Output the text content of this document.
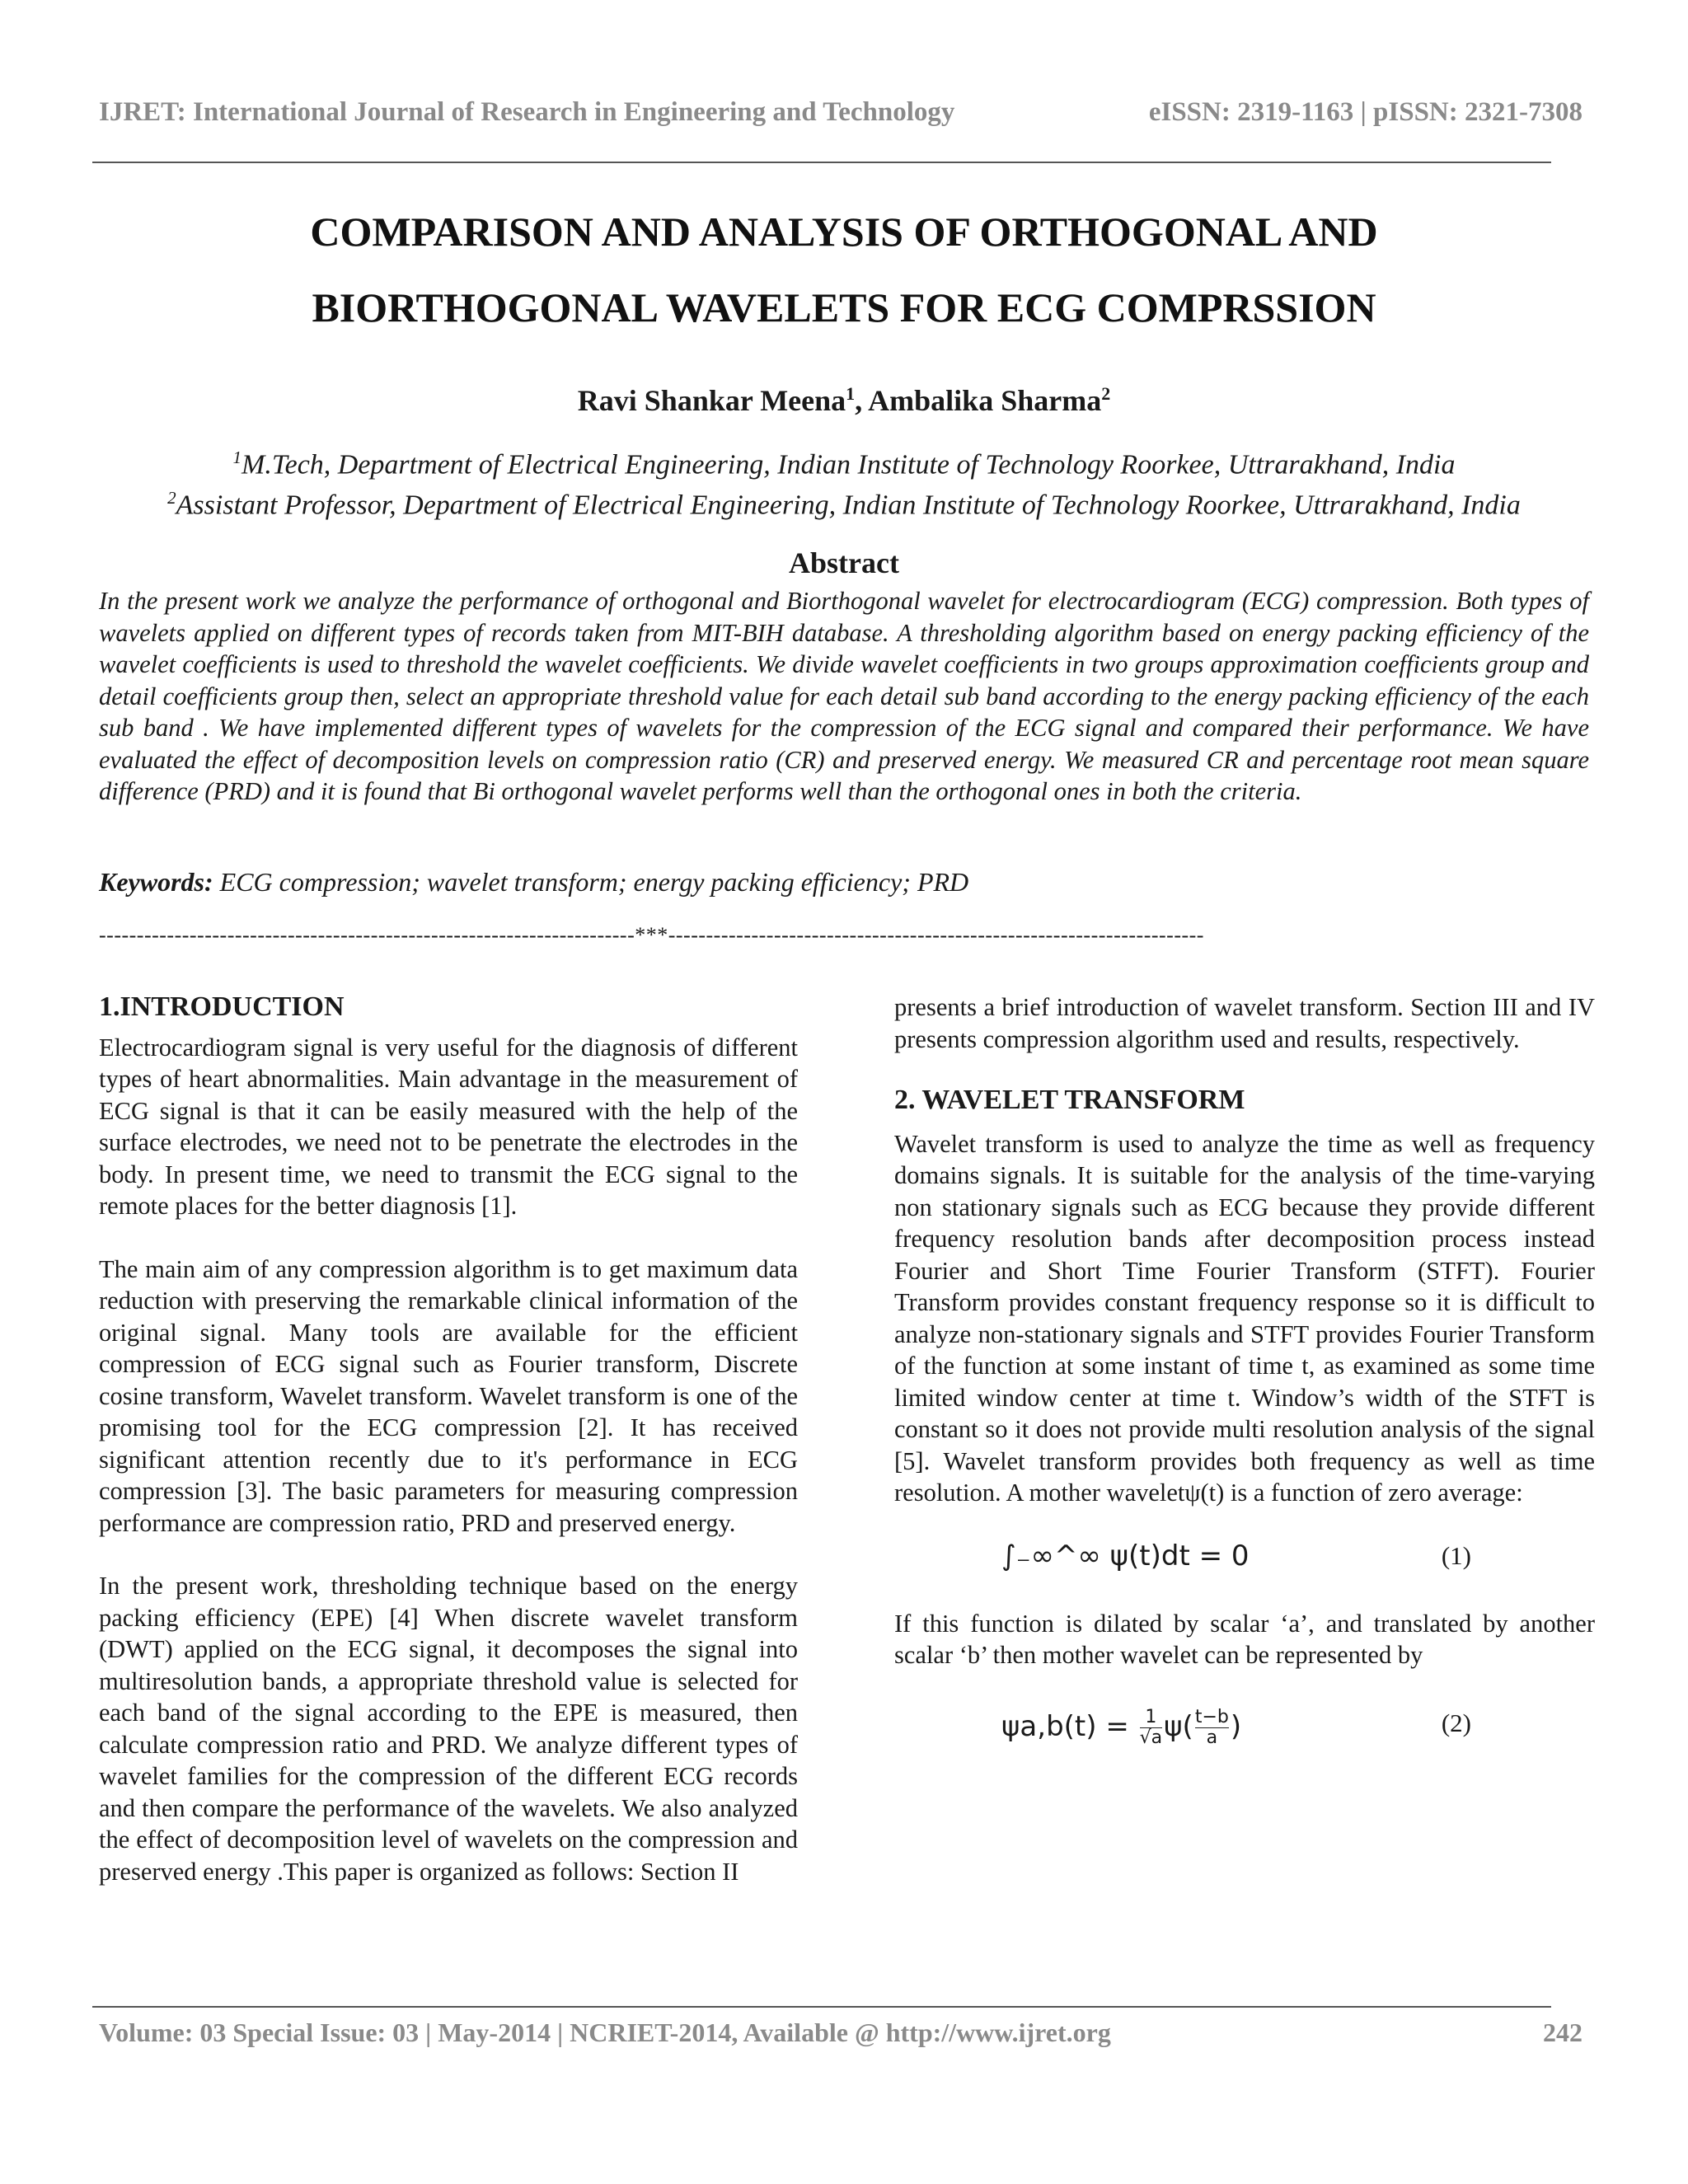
IJRET: International Journal of Research in Engineering and Technology	eISSN: 2319-1163 | pISSN: 2321-7308
COMPARISON AND ANALYSIS OF ORTHOGONAL AND
BIORTHOGONAL WAVELETS FOR ECG COMPRSSION
Ravi Shankar Meena$^1$, Ambalika Sharma$^2$
$^1$M.Tech, Department of Electrical Engineering, Indian Institute of Technology Roorkee, Uttrarakhand, India
$^2$Assistant Professor, Department of Electrical Engineering, Indian Institute of Technology Roorkee, Uttrarakhand, India
Abstract
In the present work we analyze the performance of orthogonal and Biorthogonal wavelet for electrocardiogram (ECG) compression. Both types of wavelets applied on different types of records taken from MIT-BIH database. A thresholding algorithm based on energy packing efficiency of the wavelet coefficients is used to threshold the wavelet coefficients. We divide wavelet coefficients in two groups approximation coefficients group and detail coefficients group then, select an appropriate threshold value for each detail sub band according to the energy packing efficiency of the each sub band . We have implemented different types of wavelets for the compression of the ECG signal and compared their performance. We have evaluated the effect of decomposition levels on compression ratio (CR) and preserved energy. We measured CR and percentage root mean square difference (PRD) and it is found that Bi orthogonal wavelet performs well than the orthogonal ones in both the criteria.
Keywords: ECG compression; wavelet transform; energy packing efficiency; PRD
-----------------------------------------------------------------------***-----------------------------------------------------------------------
1.INTRODUCTION

Electrocardiogram signal is very useful for the diagnosis of different types of heart abnormalities. Main advantage in the measurement of ECG signal is that it can be easily measured with the help of the surface electrodes, we need not to be penetrate the electrodes in the body. In present time, we need to transmit the ECG signal to the remote places for the better diagnosis [1].

The main aim of any compression algorithm is to get maximum data reduction with preserving the remarkable clinical information of the original signal. Many tools are available for the efficient compression of ECG signal such as Fourier transform, Discrete cosine transform, Wavelet transform. Wavelet transform is one of the promising tool for the ECG compression [2]. It has received significant attention recently due to it's performance in ECG compression [3]. The basic parameters for measuring compression performance are compression ratio, PRD and preserved energy.

In the present work, thresholding technique based on the energy packing efficiency (EPE) [4] When discrete wavelet transform (DWT) applied on the ECG signal, it decomposes the signal into multiresolution bands, a appropriate threshold value is selected for each band of the signal according to the EPE is measured, then calculate compression ratio and PRD. We analyze different types of wavelet families for the compression of the different ECG records and then compare the performance of the wavelets. We also analyzed the effect of decomposition level of wavelets on the compression and preserved energy .This paper is organized as follows: Section II

presents a brief introduction of wavelet transform. Section III and IV presents compression algorithm used and results, respectively.

2. WAVELET TRANSFORM

Wavelet transform is used to analyze the time as well as frequency domains signals. It is suitable for the analysis of the time-varying non stationary signals such as ECG because they provide different frequency resolution bands after decomposition process instead Fourier and Short Time Fourier Transform (STFT). Fourier Transform provides constant frequency response so it is difficult to analyze non-stationary signals and STFT provides Fourier Transform of the function at some instant of time t, as examined as some time limited window center at time t. Window’s width of the STFT is constant so it does not provide multi resolution analysis of the signal [5]. Wavelet transform provides both frequency as well as time resolution. A mother waveletψ(t) is a function of zero average:

∫₋∞^∞ ψ(t)dt = 0	(1)

If this function is dilated by scalar ‘a’, and translated by another scalar ‘b’ then mother wavelet can be represented by

$\psi a,b(t) = \frac{1}{√a} \psi( \frac{t-b}{a}$ )	(2)
Volume: 03 Special Issue: 03 | May-2014 | NCRIET-2014, Available @ http://www.ijret.org	242
